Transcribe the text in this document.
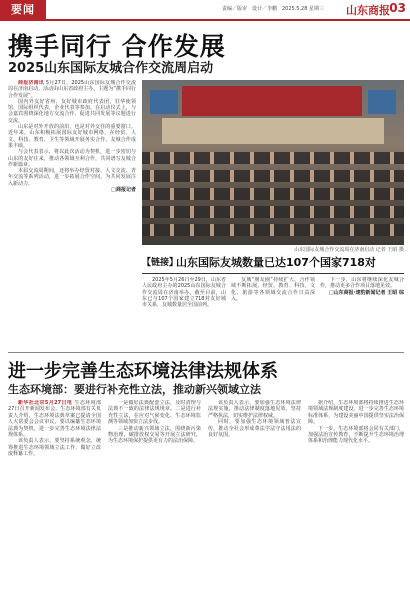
要闻	责编／版审　设计／李鹏　2025.5.28 星期三 山东商报 03
携手同行 合作发展
2025山东国际友城合作交流周启动

商报济南讯 5月27日，2025山东国际友城合作交流周在济南启动。活动由山东省政府主办，主题为“携手同行 合作发展”。

国内外友好省州、友好城市政府代表团，驻华使领馆，国际组织代表，企业代表等参加。在启动仪式上，与会嘉宾围绕深化地方交流合作、促进共同发展等议题进行交流。

山东是对外开放的前沿，也是对外交往的重要窗口。近年来，山东积极拓展国际友好城市网络，在经贸、人文、科技、教育、卫生等领域开展务实合作，友城合作成果丰硕。

与会代表表示，将以此次活动为契机，进一步密切与山东的友好往来，推动各领域互利合作，共同谱写友城合作新篇章。

本届交流周期间，还将举办经贸对接、人文交流、青年交流等系列活动，进一步拓展合作空间，为共同发展注入新动力。

□商报记者
山东国际友城合作交流周在济南启动 记者 王昭 摄
【链接】
山东国际友城数量已达107个国家718对

2025年5月26日至29日，山东省人民政府主办的2025山东国际友城合作交流周在济南举办。截至目前，山东已与107个国家建立718对友好城市关系，友城数量居全国前列。

友城“朋友圈”持续扩大，合作领域不断拓展。经贸、教育、科技、文化、旅游等各领域交流合作日益深入。

下一步，山东将继续深化友城合作，推动更多合作项目落地见效。

□山东商报·速豹新闻记者 王昭 综
进一步完善生态环境法律法规体系
生态环境部：要进行补充性立法，推动新兴领域立法

新华社北京5月27日电 生态环境部27日召开新闻发布会。生态环境部有关负责人介绍，生态环境法典草案已提请全国人大常委会会议审议，要以编纂生态环境法典为契机，进一步完善生态环境法律法规体系。

该负责人表示，要坚持系统观念，统筹推进生态环境领域立法工作，做好立改废释纂工作。

一是做好法典配套立法，及时清理与法典不一致的法律法规规章。二是进行补充性立法，在应对气候变化、生态环境监测等领域加快立法步伐。

三是推动新兴领域立法，围绕新污染物治理、碳排放权交易等开展立法研究，为生态环境保护提供更有力的法治保障。

该负责人表示，要加强生态环境法律法规实施，推动法律制度落地见效，坚持严格执法，切实维护法律权威。

同时，要加强生态环境领域普法宣传，推动全社会形成尊法学法守法用法的良好氛围。

据介绍，生态环境部将持续推进生态环境领域法规制度建设，进一步完善生态环境标准体系，为建设美丽中国提供坚实法治保障。

下一步，生态环境部将会同有关部门，加强法治宣传教育，不断提升生态环境治理体系和治理能力现代化水平。
